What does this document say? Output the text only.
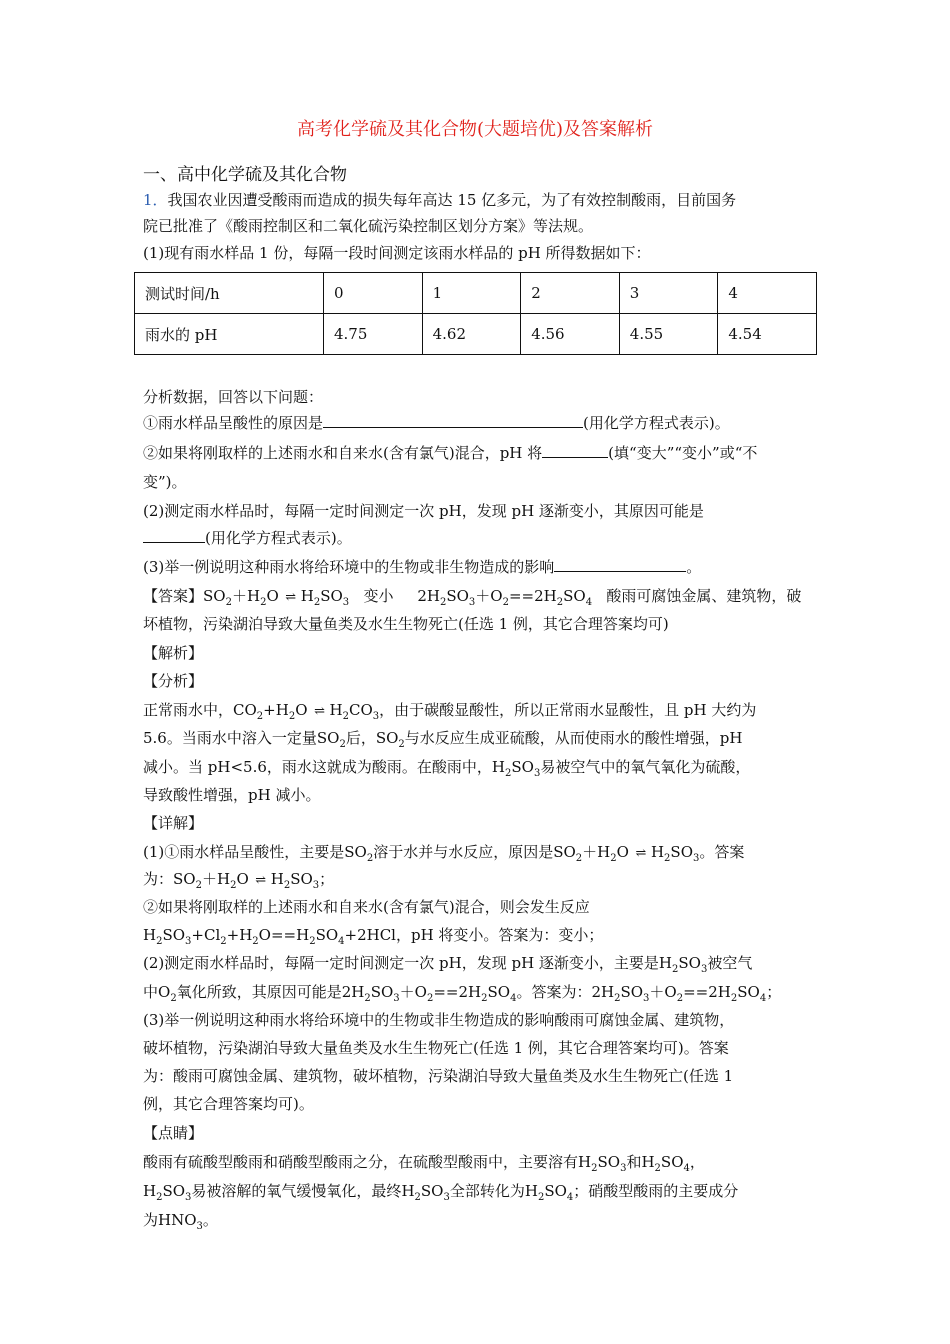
高考化学硫及其化合物(大题培优)及答案解析
一、高中化学硫及其化合物
1．我国农业因遭受酸雨而造成的损失每年高达 15 亿多元，为了有效控制酸雨，目前国务
院已批准了《酸雨控制区和二氧化硫污染控制区划分方案》等法规。
(1)现有雨水样品 1 份，每隔一段时间测定该雨水样品的 pH 所得数据如下：
测试时间/h	0	1	2	3	4
雨水的 pH	4.75	4.62	4.56	4.55	4.54
分析数据，回答以下问题：
①雨水样品呈酸性的原因是	(用化学方程式表示)。
②如果将刚取样的上述雨水和自来水(含有氯气)混合，pH 将	(填“变大”“变小”或“不
变”)。
(2)测定雨水样品时，每隔一定时间测定一次 pH，发现 pH 逐渐变小，其原因可能是
(用化学方程式表示)。
(3)举一例说明这种雨水将给环境中的生物或非生物造成的影响	。
【答案】$SO_2+H_2O$ ⇌ $H_2SO_3$ 变小 $2H_2SO_3+O_2==2H_2SO_4$ 酸雨可腐蚀金属、建筑物，破
坏植物，污染湖泊导致大量鱼类及水生生物死亡(任选 1 例，其它合理答案均可)
【解析】
【分析】
正常雨水中，$CO_2+H_2O$ ⇌ $H_2CO_3$，由于碳酸显酸性，所以正常雨水显酸性，且 pH 大约为
5.6。当雨水中溶入一定量$SO_2$后，$SO_2$与水反应生成亚硫酸，从而使雨水的酸性增强，pH
减小。当 pH<5.6，雨水这就成为酸雨。在酸雨中，$H_2SO_3$易被空气中的氧气氧化为硫酸，
导致酸性增强，pH 减小。
【详解】
(1)①雨水样品呈酸性，主要是$SO_2$溶于水并与水反应，原因是$SO_2+H_2O$ ⇌ $H_2SO_3$。答案
为：$SO_2+H_2O$ ⇌ $H_2SO_3$；
②如果将刚取样的上述雨水和自来水(含有氯气)混合，则会发生反应
$H_2SO_3+Cl_2+H_2O==H_2SO_4+2HCl$，pH 将变小。答案为：变小；
(2)测定雨水样品时，每隔一定时间测定一次 pH，发现 pH 逐渐变小，主要是$H_2SO_3$被空气
中$O_2$氧化所致，其原因可能是$2H_2SO_3+O_2==2H_2SO_4$。答案为：$2H_2SO_3+O_2==2H_2SO_4$；
(3)举一例说明这种雨水将给环境中的生物或非生物造成的影响酸雨可腐蚀金属、建筑物，
破坏植物，污染湖泊导致大量鱼类及水生生物死亡(任选 1 例，其它合理答案均可)。答案
为：酸雨可腐蚀金属、建筑物，破坏植物，污染湖泊导致大量鱼类及水生生物死亡(任选 1
例，其它合理答案均可)。
【点睛】
酸雨有硫酸型酸雨和硝酸型酸雨之分，在硫酸型酸雨中，主要溶有$H_2SO_3$和$H_2SO_4$，
$H_2SO_3$易被溶解的氧气缓慢氧化，最终$H_2SO_3$全部转化为$H_2SO_4$；硝酸型酸雨的主要成分
为$HNO_3$。
